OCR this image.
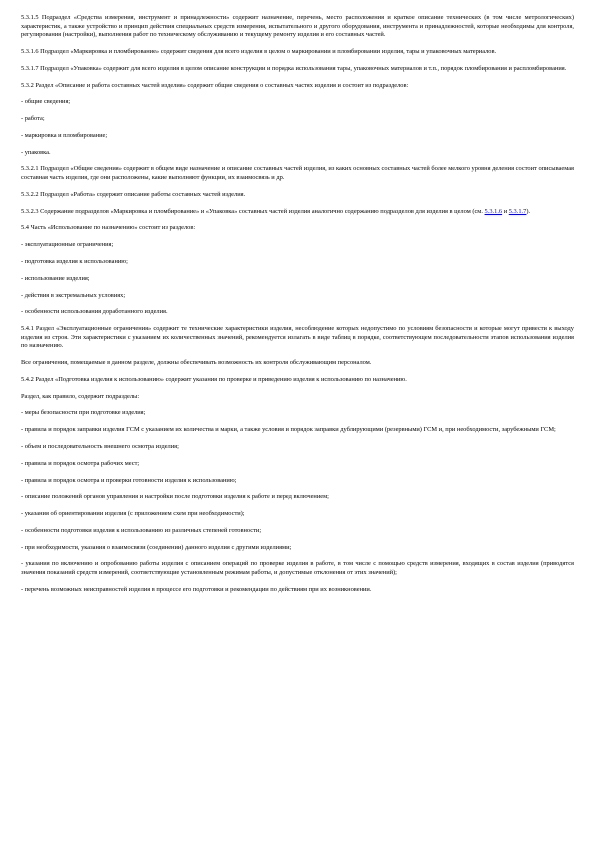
5.3.1.5 Подраздел «Средства измерения, инструмент и принадлежности» содержит назначение, перечень, место расположения и краткое описание технических (в том числе метрологических) характеристик, а также устройство и принцип действия специальных средств измерения, испытательного и другого оборудования, инструмента и принадлежностей, которые необходимы для контроля, регулирования (настройки), выполнения работ по техническому обслуживанию и текущему ремонту изделия и его составных частей.

5.3.1.6 Подраздел «Маркировка и пломбирование» содержит сведения для всего изделия в целом о маркировании и пломбировании изделия, тары и упаковочных материалов.

5.3.1.7 Подраздел «Упаковка» содержит для всего изделия в целом описание конструкции и порядка использования тары, упаковочных материалов и т.п., порядок пломбирования и распломбирования.

5.3.2 Раздел «Описание и работа составных частей изделия» содержит общие сведения о составных частях изделия и состоит из подразделов:

- общие сведения;

- работа;

- маркировка и пломбирование;

- упаковка.

5.3.2.1 Подраздел «Общие сведения» содержит в общем виде назначение и описание составных частей изделия, из каких основных составных частей более мелкого уровня деления состоит описываемая составная часть изделия, где они расположены, какие выполняют функции, их взаимосвязь и др.

5.3.2.2 Подраздел «Работа» содержит описание работы составных частей изделия.

5.3.2.3 Содержание подразделов «Маркировка и пломбирование» и «Упаковка» составных частей изделия аналогично содержанию подразделов для изделия в целом (см. 5.3.1.6 и 5.3.1.7).

5.4 Часть «Использование по назначению» состоит из разделов:

- эксплуатационные ограничения;

- подготовка изделия к использованию;

- использование изделия;

- действия в экстремальных условиях;

- особенности использования доработанного изделия.

5.4.1 Раздел «Эксплуатационные ограничения» содержит те технические характеристики изделия, несоблюдение которых недопустимо по условиям безопасности и которые могут привести к выходу изделия из строя. Эти характеристики с указанием их количественных значений, рекомендуется излагать в виде таблиц в порядке, соответствующем последовательности этапов использования изделия по назначению.

Все ограничения, помещаемые в данном разделе, должны обеспечивать возможность их контроля обслуживающим персоналом.

5.4.2 Раздел «Подготовка изделия к использованию» содержит указания по проверке и приведению изделия к использованию по назначению.

Раздел, как правило, содержит подразделы:

- меры безопасности при подготовке изделия;

- правила и порядок заправки изделия ГСМ с указанием их количества и марки, а также условия и порядок заправки дублирующими (резервными) ГСМ и, при необходимости, зарубежными ГСМ;

- объем и последовательность внешнего осмотра изделия;

- правила и порядок осмотра рабочих мест;

- правила и порядок осмотра и проверки готовности изделия к использованию;

- описание положений органов управления и настройки после подготовки изделия к работе и перед включением;

- указания об ориентировании изделия (с приложением схем при необходимости);

- особенности подготовки изделия к использованию из различных степеней готовности;

- при необходимости, указания о взаимосвязи (соединении) данного изделия с другими изделиями;

- указания по включению и опробованию работы изделия с описанием операций по проверке изделия в работе, в том числе с помощью средств измерения, входящих в состав изделия (приводятся значения показаний средств измерений, соответствующие установленным режимам работы, и допустимые отклонения от этих значений);

- перечень возможных неисправностей изделия в процессе его подготовки и рекомендации по действиям при их возникновении.
